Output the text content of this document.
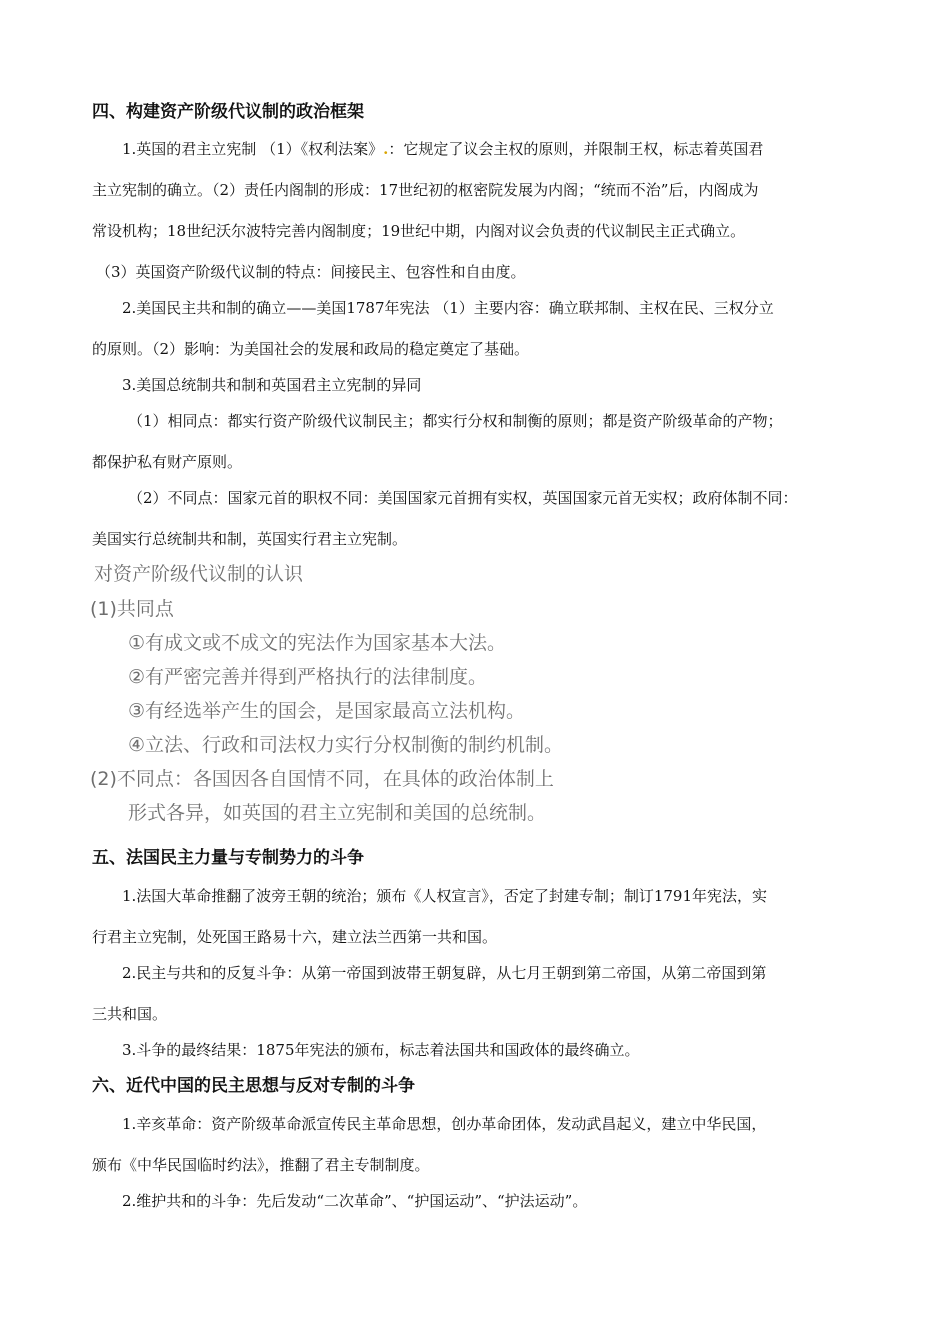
四、构建资产阶级代议制的政治框架
1.英国的君主立宪制 （1）《权利法案》.：它规定了议会主权的原则，并限制王权，标志着英国君
主立宪制的确立。（2）责任内阁制的形成：17世纪初的枢密院发展为内阁；“统而不治”后，内阁成为
常设机构；18世纪沃尔波特完善内阁制度；19世纪中期，内阁对议会负责的代议制民主正式确立。
（3）英国资产阶级代议制的特点：间接民主、包容性和自由度。
2.美国民主共和制的确立——美国1787年宪法 （1）主要内容：确立联邦制、主权在民、三权分立
的原则。（2）影响：为美国社会的发展和政局的稳定奠定了基础。
3.美国总统制共和制和英国君主立宪制的异同
（1）相同点：都实行资产阶级代议制民主；都实行分权和制衡的原则；都是资产阶级革命的产物；
都保护私有财产原则。
（2）不同点：国家元首的职权不同：美国国家元首拥有实权，英国国家元首无实权；政府体制不同：
美国实行总统制共和制，英国实行君主立宪制。
对资产阶级代议制的认识
(1)共同点
①有成文或不成文的宪法作为国家基本大法。
②有严密完善并得到严格执行的法律制度。
③有经选举产生的国会，是国家最高立法机构。
④立法、行政和司法权力实行分权制衡的制约机制。
(2)不同点：各国因各自国情不同，在具体的政治体制上
形式各异，如英国的君主立宪制和美国的总统制。
五、法国民主力量与专制势力的斗争
1.法国大革命推翻了波旁王朝的统治；颁布《人权宣言》，否定了封建专制；制订1791年宪法，实
行君主立宪制，处死国王路易十六，建立法兰西第一共和国。
2.民主与共和的反复斗争：从第一帝国到波帯王朝复辟，从七月王朝到第二帝国，从第二帝国到第
三共和国。
3.斗争的最终结果：1875年宪法的颁布，标志着法国共和国政体的最终确立。
六、近代中国的民主思想与反对专制的斗争
1.辛亥革命：资产阶级革命派宣传民主革命思想，创办革命团体，发动武昌起义，建立中华民国，
颁布《中华民国临时约法》，推翻了君主专制制度。
2.维护共和的斗争：先后发动“二次革命”、“护国运动”、“护法运动”。
